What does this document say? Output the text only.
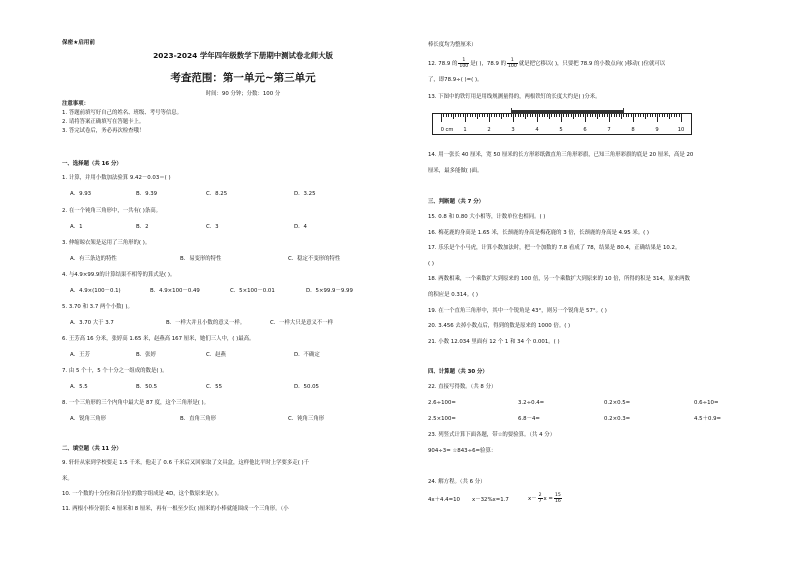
保密★启用前
2023-2024 学年四年级数学下册期中测试卷北师大版
考查范围：第一单元~第三单元
时间：90 分钟；分数：100 分
注意事项：
1. 答题前填写好自己的姓名、班级、考号等信息。
2. 请将答案正确填写在答题卡上。
3. 答完试卷后，务必再次检查哦！
一、选择题（共 16 分）
1. 计算，并用小数加法验算 9.42－0.03＝( )
A．9.93	B．9.39	C．8.25	D．3.25
2. 在一个钝角三角形中，一共有( )条高。
A．1	B．2	C．3	D．4
3. 伸缩晾衣架是运用了三角形的( )。
A．有三条边的特性	B．易变形的特性	C．稳定不变形的特性
4. 与4.9×99.9的计算结果不相等的算式是( )。
A．4.9×(100－0.1)	B．4.9×100－0.49	C．5×100－0.01	D．5×99.9－9.99
5. 3.70 和 3.7 两个小数( )。
A．3.70 大于 3.7	B．一样大并且小数的意义一样。	C．一样大只是意义不一样
6. 王芳高 16 分米，张婷高 1.65 米，赵燕高 167 厘米，她们三人中，( )最高。
A．王芳	B．张婷	C．赵燕	D．不确定
7. 由 5 个十，5 个十分之一组成的数是( )。
A．5.5	B．50.5	C．55	D．50.05
8. 一个三角形的三个内角中最大是 87 度，这个三角形是( )。
A．锐角三角形	B．直角三角形	C．钝角三角形
二、填空题（共 11 分）
9. 轩轩从家到学校要走 1.5 千米，他走了 0.6 千米后又回家取了文具盒，这样他比平时上学要多走( )千
米。
10. 一个数的十分位和百分位的数字组成是 4D，这个数原来是( )。
11. 两根小棒分别长 4 厘米和 8 厘米，再有一根至少长( )厘米的小棒就能围成一个三角形。（小
棒长度均为整厘米）
12. 78.9 的 $\frac{1}{100}$ 是( )，78.9 的 $\frac{1}{100}$ 就是把它移以( )，只要把 78.9 的小数点向( )移动( )位就可以
了，即78.9÷( )=( )。
13. 下图中的铁钉用是用线规测量得的，两根铁钉的长度大约是( )分米。
0 cm 1	2	3	4	5	6	7	8	9	10
14. 用一张长 40 厘米，宽 50 厘米的长方形彩纸做直角三角形彩旗，已知三角形彩旗的底是 20 厘米，高是 20
厘米，最多能做( )面。
三、判断题（共 7 分）
15. 0.8 和 0.80 大小相等，计数单位也相同。( )
16. 梅花鹿的身高是 1.65 米，长颈鹿的身高是梅花鹿的 3 倍，长颈鹿的身高是 4.95 米。( )
17. 乐乐是个小马虎，计算小数加法时，把一个加数的 7.8 看成了 78，结果是 80.4，正确结果是 10.2。
( )
18. 两数相乘，一个乘数扩大到原来的 100 倍，另一个乘数扩大到原来的 10 倍，所得的积是 314，原来两数
的积应是 0.314。( )
19. 在一个直角三角形中，其中一个锐角是 43°，则另一个锐角是 57°。( )
20. 3.456 去掉小数点后，得到的数是原来的 1000 倍。( )
21. 小数 12.034 里面有 12 个 1 和 34 个 0.001。( )
四、计算题（共 30 分）
22. 直接写得数。（共 8 分）
2.6÷100=	3.2÷0.4=	0.2×0.5=	0.6÷10=
2.5×100=	6.8－4=	0.2×0.3=	4.5＋0.9=
23. 列竖式计算下面各题，带☆的要验算。（共 4 分）
904÷3= ☆843÷6=验算：
24. 解方程。（共 6 分）
4x＋4.4=10 x－32%x=1.7	$x- \frac{2}{7}$ $x = \frac{15}{16}$
